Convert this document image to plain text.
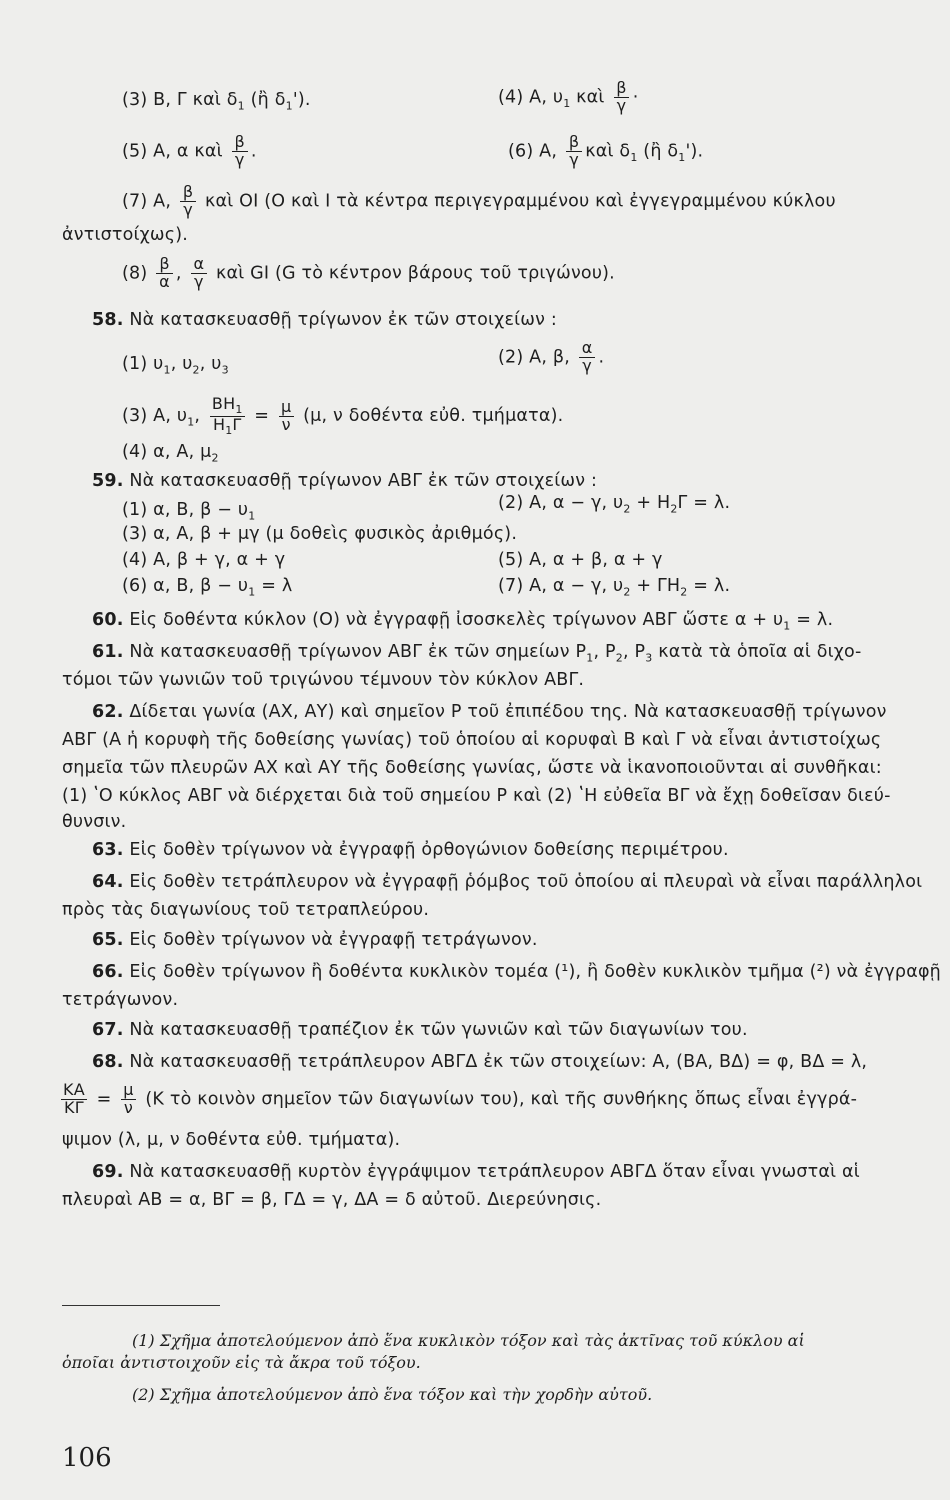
(3) Β, Γ καὶ $\delta_1$ (ἢ $\delta_1'$).	(4) Α, $\upsilon_1$ καὶ $\frac{\beta}{\gamma}$ ·
(5) Α, α καὶ $\frac{\beta}{\gamma}$ .	(6) Α, $\frac{\beta}{\gamma}$ καὶ $\delta_1$ (ἢ $\delta_1'$).
(7) Α, $\frac{\beta}{\gamma}$ καὶ ΟΙ (Ο καὶ Ι τὰ κέντρα περιγεγραμμένου καὶ ἐγγεγραμμένου κύκλου
ἀντιστοίχως).
$(8) \frac{\beta}{\alpha}$ , $\frac{\alpha}{\gamma}$ καὶ GI (G τὸ κέντρον βάρους τοῦ τριγώνου).
58. Νὰ κατασκευασθῇ τρίγωνον ἐκ τῶν στοιχείων :
(1) $\upsilon_1$, $\upsilon_2$, $\upsilon_3$
(2) Α, β, $\frac{\alpha}{\gamma}$ .
(3) Α, $\upsilon_1$, $\frac{BH_1}{H_1\Gamma} = \frac{\mu}{\nu} (\mu$, ν δοθέντα εὐθ. τμήματα).
(4) α, Α, $\mu_2$
59. Νὰ κατασκευασθῇ τρίγωνον ΑΒΓ ἐκ τῶν στοιχείων :
(1) α, Β, $\beta - \upsilon_1$
(2) Α, α − γ, $\upsilon_2 + H_2\Gamma = \lambda$.
(3) α, Α, β + μγ (μ δοθεὶς φυσικὸς ἀριθμός).
(4) Α, β + γ, α + γ	(5) Α, α + β, α + γ
(6) α, Β, $\beta - \upsilon_1 = \lambda$	(7) Α, α − γ, $\upsilon_2 + \Gamma H_2 = \lambda$.
60. Εἰς δοθέντα κύκλον (Ο) νὰ ἐγγραφῇ ἰσοσκελὲς τρίγωνον ΑΒΓ ὥστε $\alpha + \upsilon_1 = \lambda$.
61. Νὰ κατασκευασθῇ τρίγωνον ΑΒΓ ἐκ τῶν σημείων $P_1$, $P_2$, $P_3$ κατὰ τὰ ὁποῖα αἱ διχο-
τόμοι τῶν γωνιῶν τοῦ τριγώνου τέμνουν τὸν κύκλον ΑΒΓ.
62. Δίδεται γωνία (ΑΧ, ΑΥ) καὶ σημεῖον Ρ τοῦ ἐπιπέδου της. Νὰ κατασκευασθῇ τρίγωνον
ΑΒΓ (Α ἡ κορυφὴ τῆς δοθείσης γωνίας) τοῦ ὁποίου αἱ κορυφαὶ Β καὶ Γ νὰ εἶναι ἀντιστοίχως
σημεῖα τῶν πλευρῶν ΑΧ καὶ ΑΥ τῆς δοθείσης γωνίας, ὥστε νὰ ἱκανοποιοῦνται αἱ συνθῆκαι:
(1) ʽΟ κύκλος ΑΒΓ νὰ διέρχεται διὰ τοῦ σημείου Ρ καὶ (2) ʽΗ εὐθεῖα ΒΓ νὰ ἔχῃ δοθεῖσαν διεύ-
θυνσιν.
63. Εἰς δοθὲν τρίγωνον νὰ ἐγγραφῇ ὀρθογώνιον δοθείσης περιμέτρου.
64. Εἰς δοθὲν τετράπλευρον νὰ ἐγγραφῇ ῥόμβος τοῦ ὁποίου αἱ πλευραὶ νὰ εἶναι παράλληλοι
πρὸς τὰς διαγωνίους τοῦ τετραπλεύρου.
65. Εἰς δοθὲν τρίγωνον νὰ ἐγγραφῇ τετράγωνον.
66. Εἰς δοθὲν τρίγωνον ἢ δοθέντα κυκλικὸν τομέα (¹), ἢ δοθὲν κυκλικὸν τμῆμα (²) νὰ ἐγγραφῇ
τετράγωνον.
67. Νὰ κατασκευασθῇ τραπέζιον ἐκ τῶν γωνιῶν καὶ τῶν διαγωνίων του.
68. Νὰ κατασκευασθῇ τετράπλευρον ΑΒΓΔ ἐκ τῶν στοιχείων: Α, (ΒΑ, ΒΔ) = φ, ΒΔ = λ,
$\frac{KA}{K\Gamma} = \frac{\mu}{\nu} (K$ τὸ κοινὸν σημεῖον τῶν διαγωνίων του), καὶ τῆς συνθήκης ὅπως εἶναι ἐγγρά-
ψιμον (λ, μ, ν δοθέντα εὐθ. τμήματα).
69. Νὰ κατασκευασθῇ κυρτὸν ἐγγράψιμον τετράπλευρον ΑΒΓΔ ὅταν εἶναι γνωσταὶ αἱ
πλευραὶ ΑΒ = α, ΒΓ = β, ΓΔ = γ, ΔΑ = δ αὐτοῦ. Διερεύνησις.
(1) Σχῆμα ἀποτελούμενον ἀπὸ ἕνα κυκλικὸν τόξον καὶ τὰς ἀκτῖνας τοῦ κύκλου αἱ
ὁποῖαι ἀντιστοιχοῦν εἰς τὰ ἄκρα τοῦ τόξου.
(2) Σχῆμα ἀποτελούμενον ἀπὸ ἕνα τόξον καὶ τὴν χορδὴν αὐτοῦ.
106
